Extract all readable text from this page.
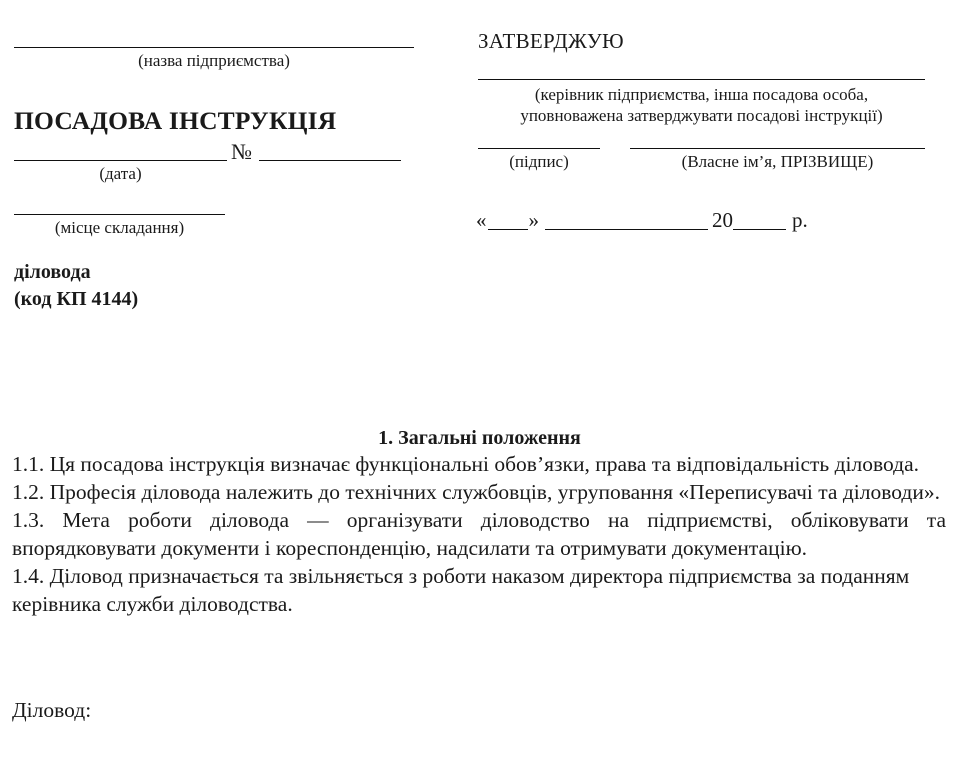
(назва підприємства)
ПОСАДОВА ІНСТРУКЦІЯ
№
(дата)
(місце складання)
діловода
(код КП 4144)
ЗАТВЕРДЖУЮ
(керівник підприємства, інша посадова особа,
уповноважена затверджувати посадові інструкції)
(підпис)	(Власне ім’я, ПРІЗВИЩЕ)
« »	20	р.
1. Загальні положення

1.1. Ця посадова інструкція визначає функціональні обов’язки, права та відповідальність діловода.

1.2. Професія діловода належить до технічних службовців, угруповання «Переписувачі та діловоди».

1.3. Мета роботи діловода — організувати діловодство на підприємстві, обліковувати та впорядковувати документи і кореспонденцію, надсилати та отримувати документацію.

1.4. Діловод призначається та звільняється з роботи наказом директора підприємства за поданням керівника служби діловодства.

Діловод:
